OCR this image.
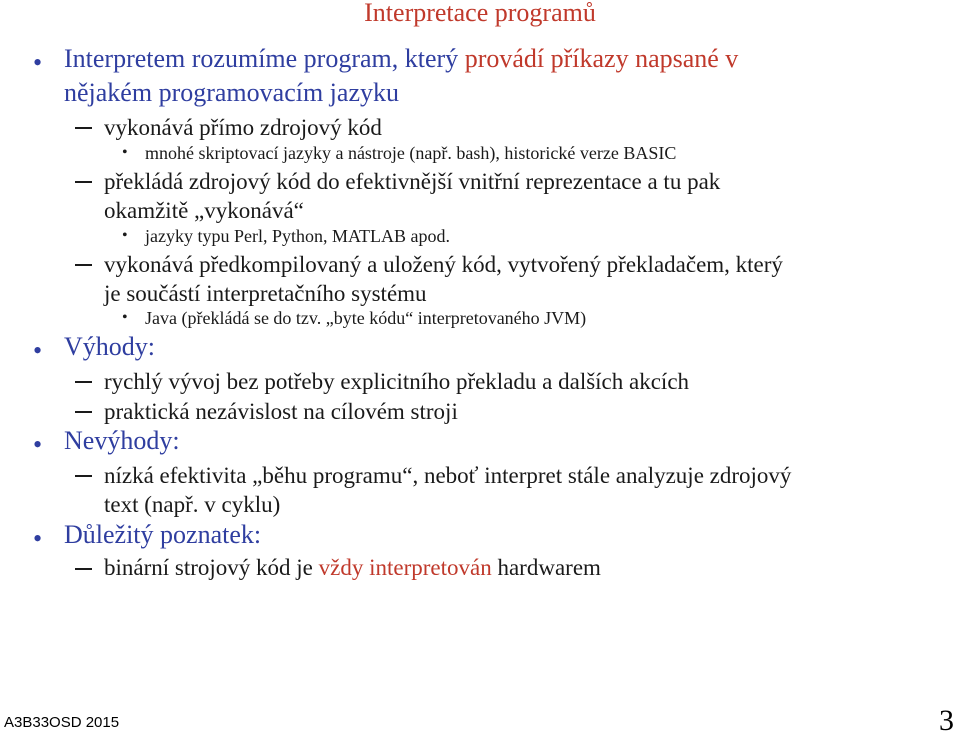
Interpretace programů
• Interpretem rozumíme program, který provádí příkazy napsané v
nějakém programovacím jazyku
vykonává přímo zdrojový kód
• mnohé skriptovací jazyky a nástroje (např. bash), historické verze BASIC
překládá zdrojový kód do efektivnější vnitřní reprezentace a tu pak
okamžitě „vykonává“
• jazyky typu Perl, Python, MATLAB apod.
vykonává předkompilovaný a uložený kód, vytvořený překladačem, který
je součástí interpretačního systému
• Java (překládá se do tzv. „byte kódu“ interpretovaného JVM)
• Výhody:
rychlý vývoj bez potřeby explicitního překladu a dalších akcích
praktická nezávislost na cílovém stroji
• Nevýhody:
nízká efektivita „běhu programu“, neboť interpret stále analyzuje zdrojový
text (např. v cyklu)
• Důležitý poznatek:
binární strojový kód je vždy interpretován hardwarem
A3B33OSD 2015	3
